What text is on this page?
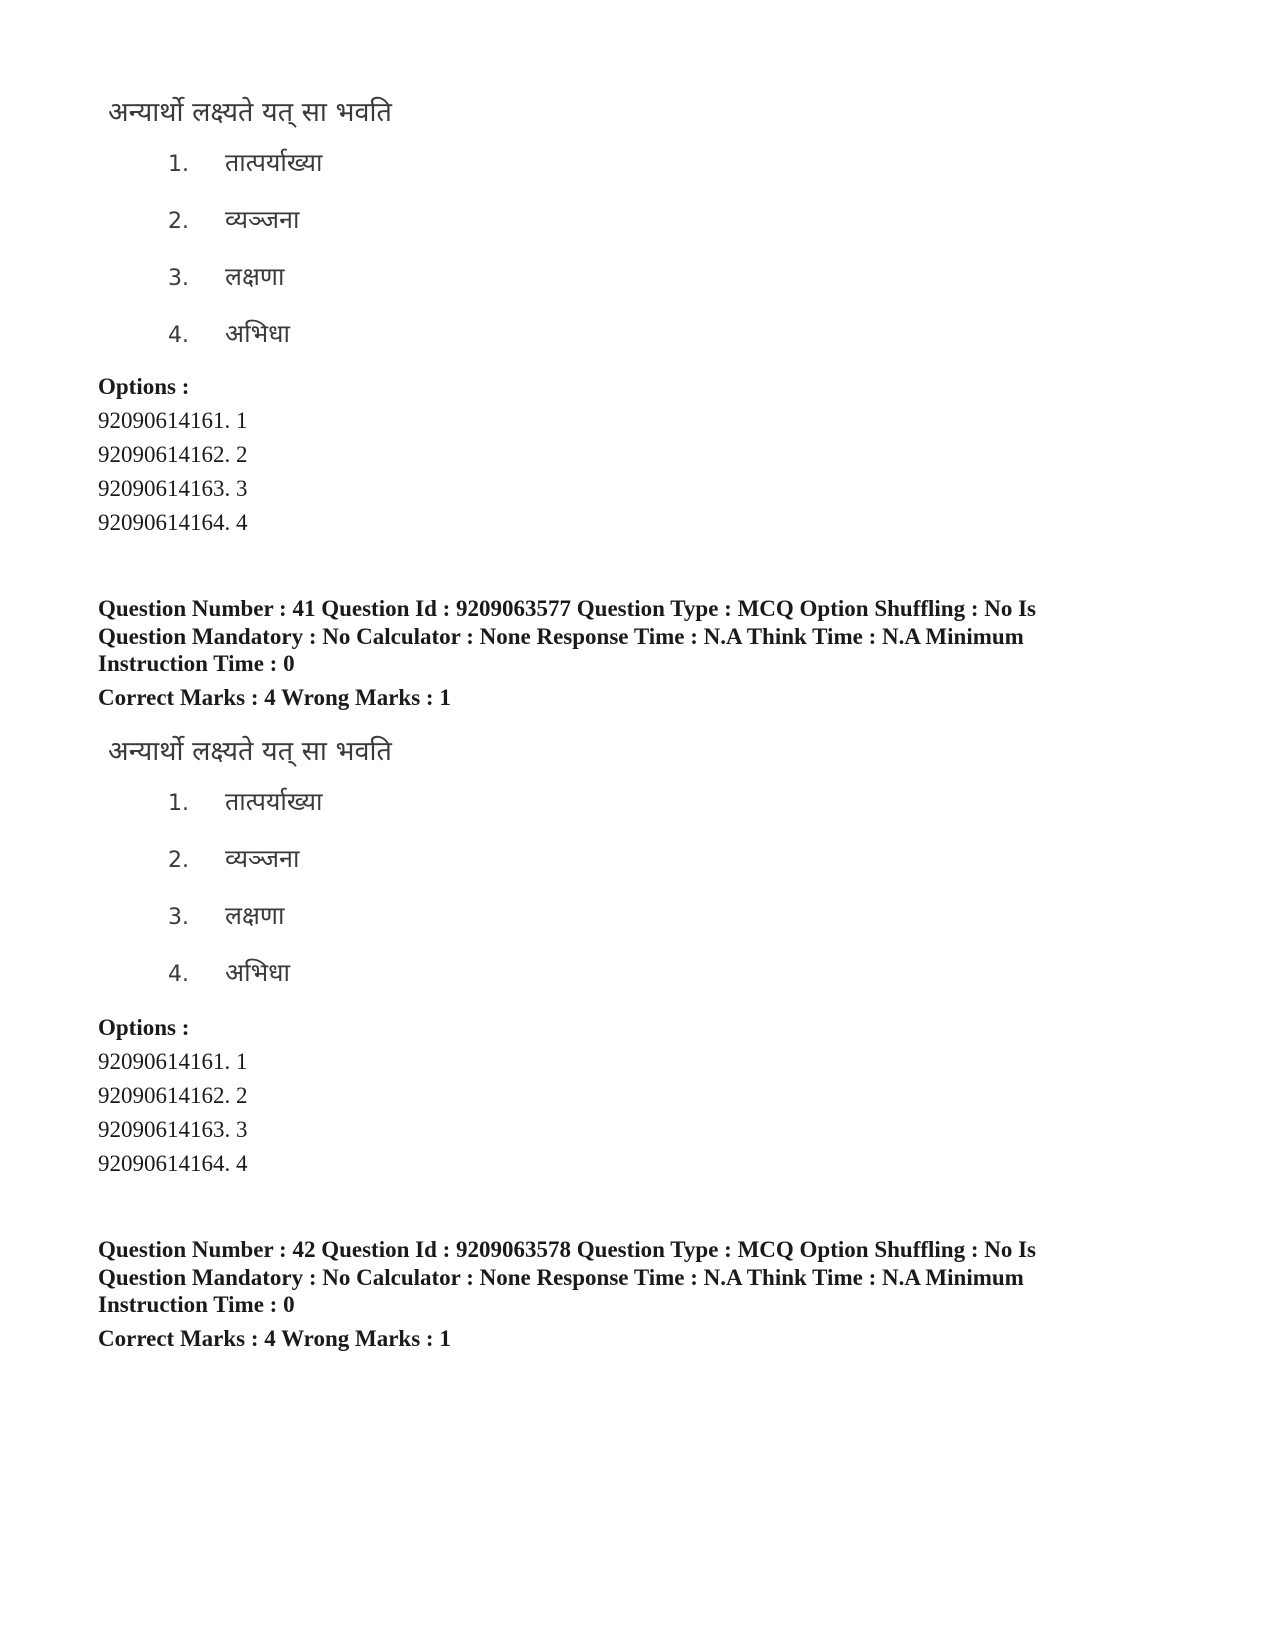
अन्यार्थो लक्ष्यते यत् सा भवति
1. तात्पर्याख्या
2. व्यञ्जना
3. लक्षणा
4. अभिधा
Options :
92090614161. 1
92090614162. 2
92090614163. 3
92090614164. 4
Question Number : 41 Question Id : 9209063577 Question Type : MCQ Option Shuffling : No Is
Question Mandatory : No Calculator : None Response Time : N.A Think Time : N.A Minimum
Instruction Time : 0
Correct Marks : 4 Wrong Marks : 1
अन्यार्थो लक्ष्यते यत् सा भवति
1. तात्पर्याख्या
2. व्यञ्जना
3. लक्षणा
4. अभिधा
Options :
92090614161. 1
92090614162. 2
92090614163. 3
92090614164. 4
Question Number : 42 Question Id : 9209063578 Question Type : MCQ Option Shuffling : No Is
Question Mandatory : No Calculator : None Response Time : N.A Think Time : N.A Minimum
Instruction Time : 0
Correct Marks : 4 Wrong Marks : 1
